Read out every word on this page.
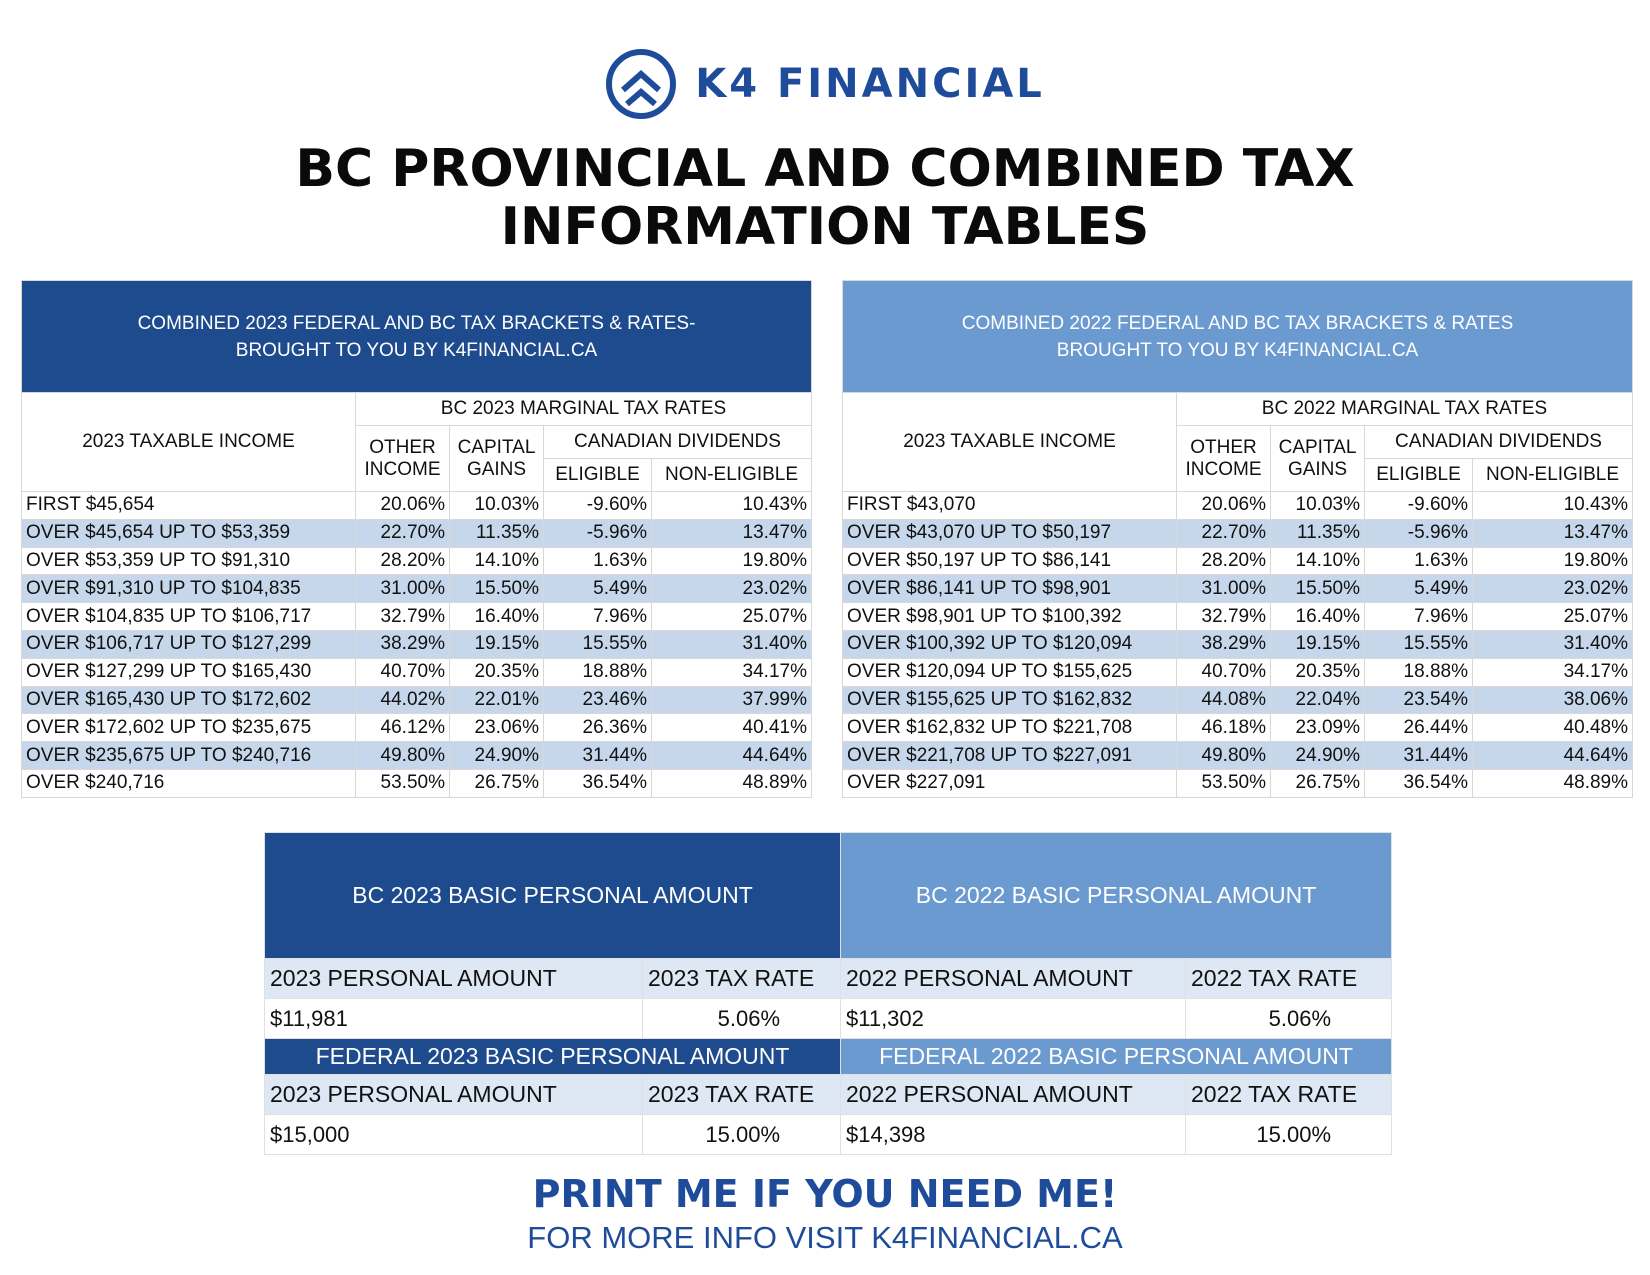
K4 FINANCIAL
BC PROVINCIAL AND COMBINED TAX
INFORMATION TABLES
COMBINED 2023 FEDERAL AND BC TAX BRACKETS & RATES-
BROUGHT TO YOU BY K4FINANCIAL.CA				
2023 TAXABLE INCOME	BC 2023 MARGINAL TAX RATES			
	OTHER INCOME	CAPITAL GAINS	CANADIAN DIVIDENDS	
			ELIGIBLE	NON-ELIGIBLE
FIRST $45,654	20.06%	10.03%	-9.60%	10.43%
OVER $45,654 UP TO $53,359	22.70%	11.35%	-5.96%	13.47%
OVER $53,359 UP TO $91,310	28.20%	14.10%	1.63%	19.80%
OVER $91,310 UP TO $104,835	31.00%	15.50%	5.49%	23.02%
OVER $104,835 UP TO $106,717	32.79%	16.40%	7.96%	25.07%
OVER $106,717 UP TO $127,299	38.29%	19.15%	15.55%	31.40%
OVER $127,299 UP TO $165,430	40.70%	20.35%	18.88%	34.17%
OVER $165,430 UP TO $172,602	44.02%	22.01%	23.46%	37.99%
OVER $172,602 UP TO $235,675	46.12%	23.06%	26.36%	40.41%
OVER $235,675 UP TO $240,716	49.80%	24.90%	31.44%	44.64%
OVER $240,716	53.50%	26.75%	36.54%	48.89%
COMBINED 2022 FEDERAL AND BC TAX BRACKETS & RATES
BROUGHT TO YOU BY K4FINANCIAL.CA				
2023 TAXABLE INCOME	BC 2022 MARGINAL TAX RATES			
	OTHER INCOME	CAPITAL GAINS	CANADIAN DIVIDENDS	
			ELIGIBLE	NON-ELIGIBLE
FIRST $43,070	20.06%	10.03%	-9.60%	10.43%
OVER $43,070 UP TO $50,197	22.70%	11.35%	-5.96%	13.47%
OVER $50,197 UP TO $86,141	28.20%	14.10%	1.63%	19.80%
OVER $86,141 UP TO $98,901	31.00%	15.50%	5.49%	23.02%
OVER $98,901 UP TO $100,392	32.79%	16.40%	7.96%	25.07%
OVER $100,392 UP TO $120,094	38.29%	19.15%	15.55%	31.40%
OVER $120,094 UP TO $155,625	40.70%	20.35%	18.88%	34.17%
OVER $155,625 UP TO $162,832	44.08%	22.04%	23.54%	38.06%
OVER $162,832 UP TO $221,708	46.18%	23.09%	26.44%	40.48%
OVER $221,708 UP TO $227,091	49.80%	24.90%	31.44%	44.64%
OVER $227,091	53.50%	26.75%	36.54%	48.89%
BC 2023 BASIC PERSONAL AMOUNT	
2023 PERSONAL AMOUNT	2023 TAX RATE
$11,981	5.06%
FEDERAL 2023 BASIC PERSONAL AMOUNT	
2023 PERSONAL AMOUNT	2023 TAX RATE
$15,000	15.00%
BC 2022 BASIC PERSONAL AMOUNT	
2022 PERSONAL AMOUNT	2022 TAX RATE
$11,302	5.06%
FEDERAL 2022 BASIC PERSONAL AMOUNT	
2022 PERSONAL AMOUNT	2022 TAX RATE
$14,398	15.00%
PRINT ME IF YOU NEED ME!
FOR MORE INFO VISIT K4FINANCIAL.CA
